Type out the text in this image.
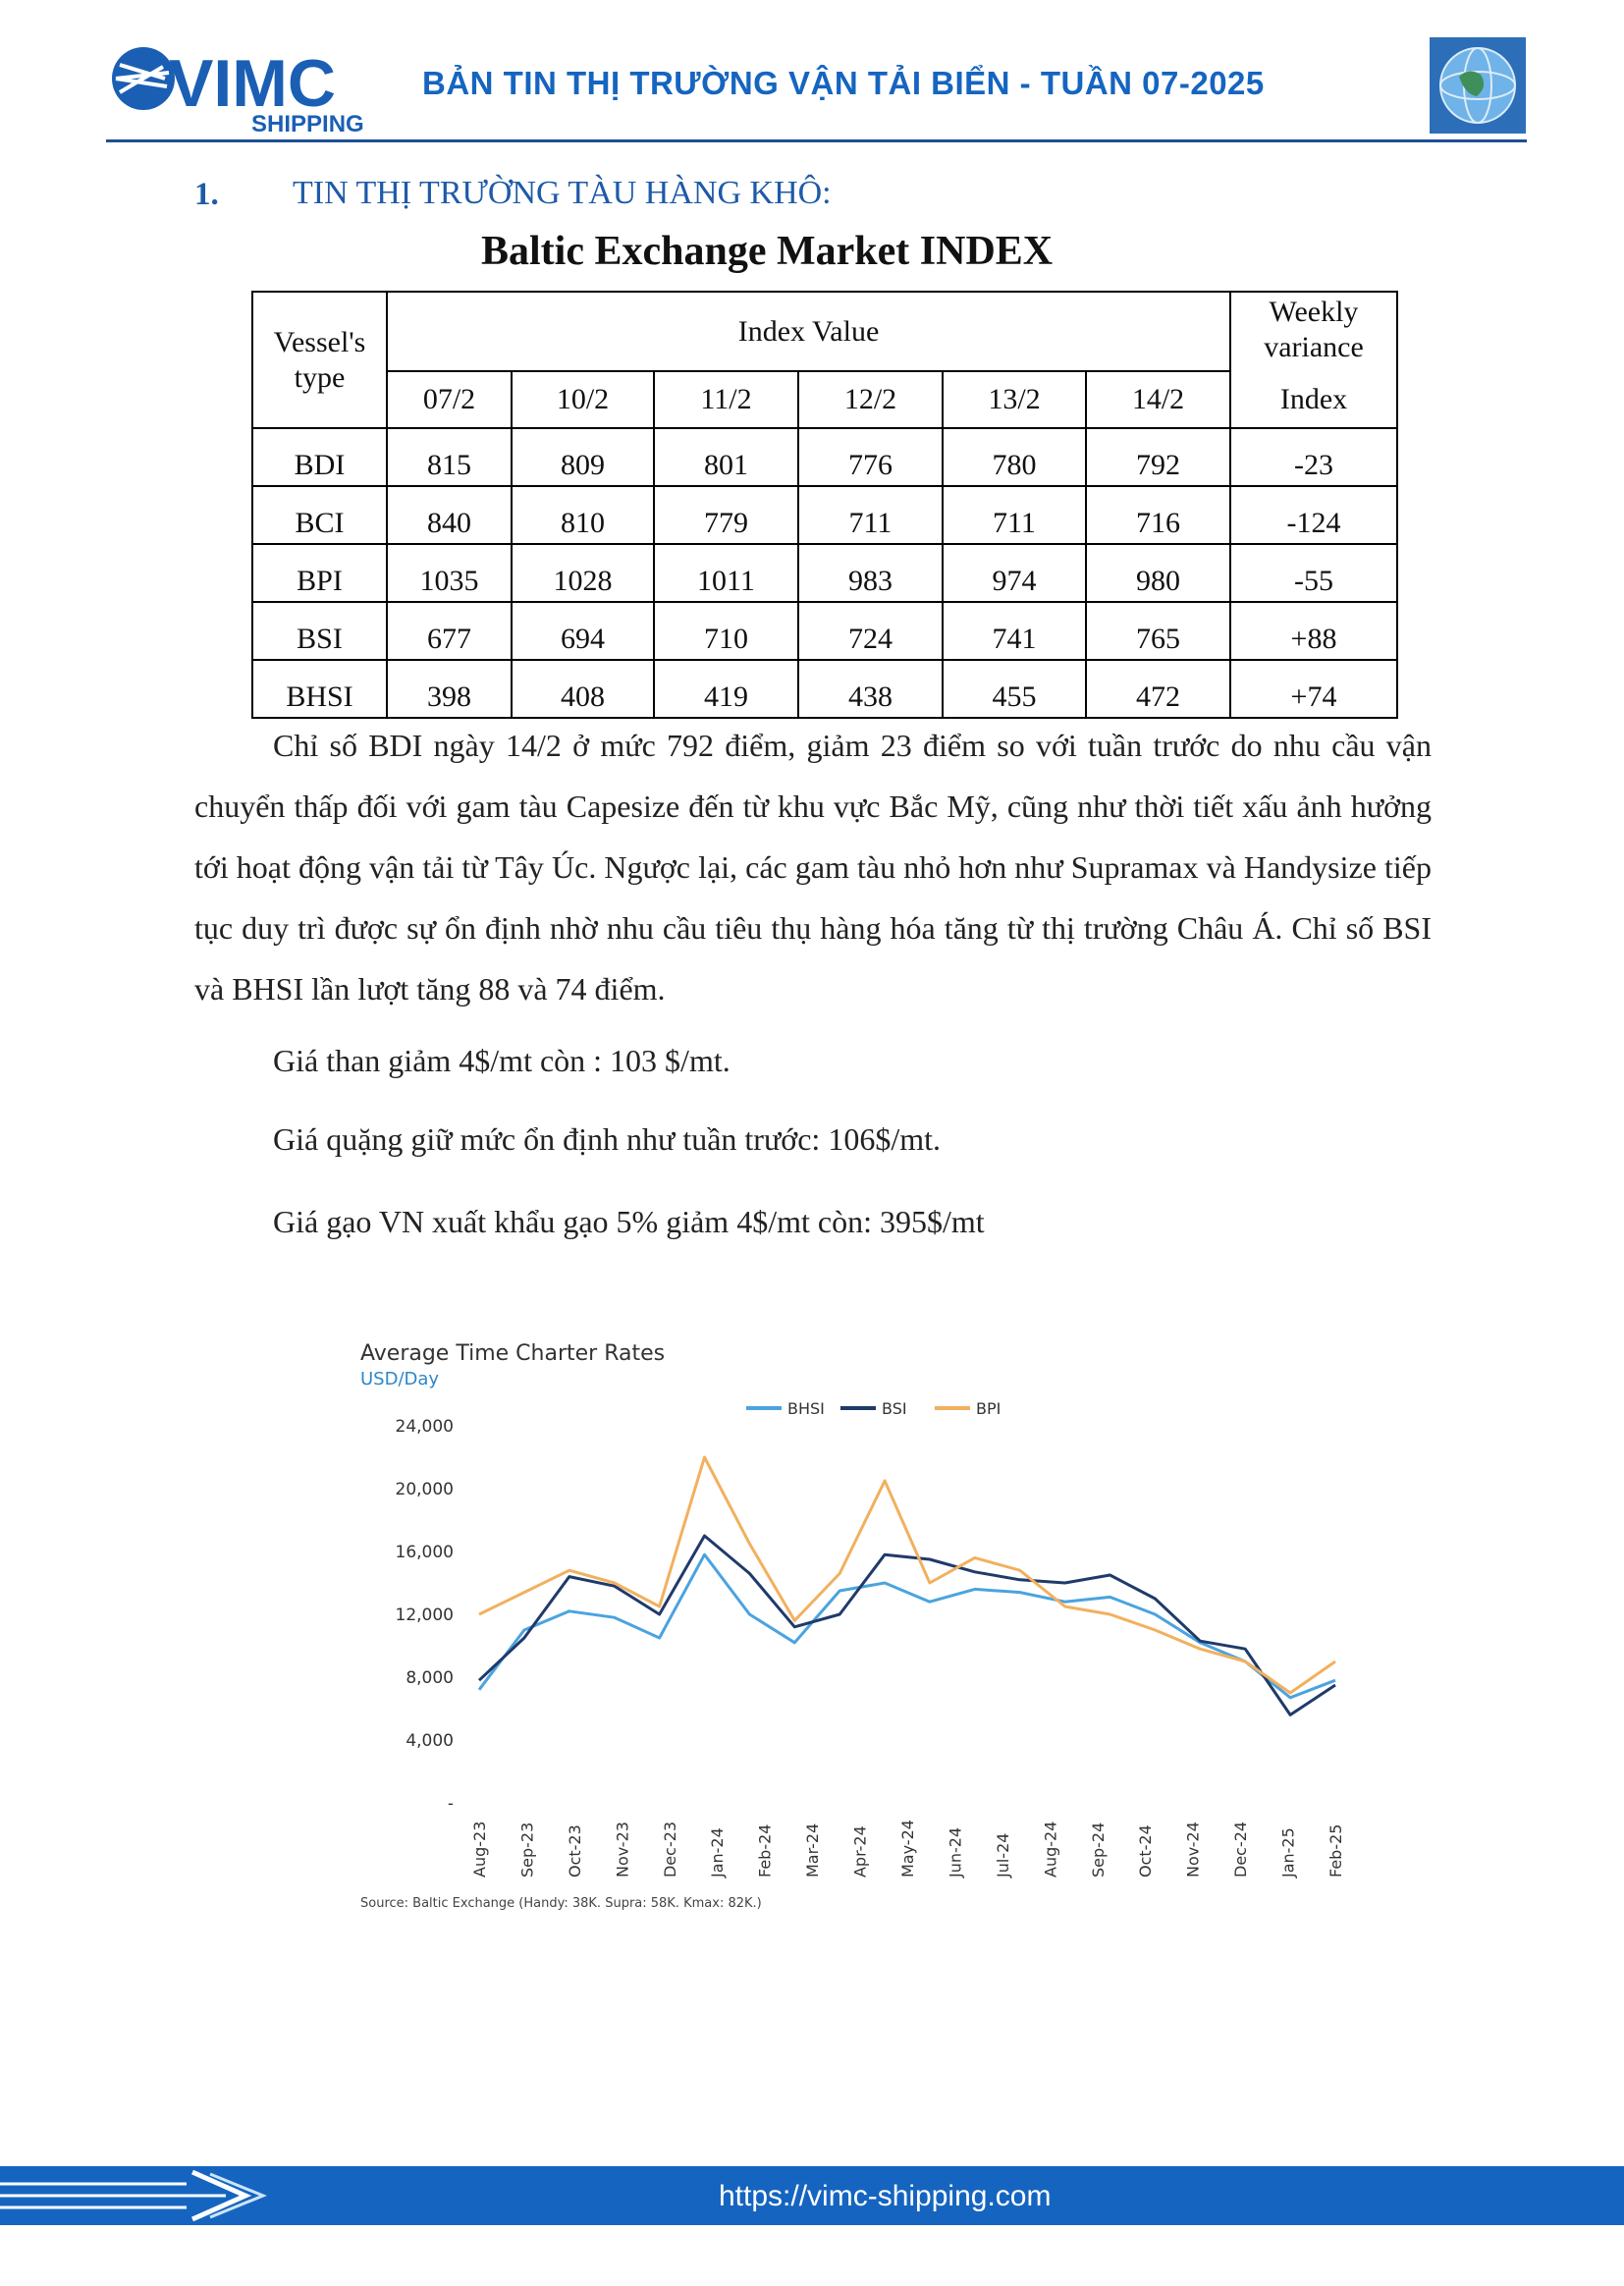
VIMC
SHIPPING
BẢN TIN THỊ TRƯỜNG VẬN TẢI BIỂN - TUẦN 07-2025
1. TIN THỊ TRƯỜNG TÀU HÀNG KHÔ:
Baltic Exchange Market INDEX
Vessel's type	Index Value						Weekly variance
	07/2	10/2	11/2	12/2	13/2	14/2	Index
BDI	815	809	801	776	780	792	-23
BCI	840	810	779	711	711	716	-124
BPI	1035	1028	1011	983	974	980	-55
BSI	677	694	710	724	741	765	+88
BHSI	398	408	419	438	455	472	+74

Chỉ số BDI ngày 14/2 ở mức 792 điểm, giảm 23 điểm so với tuần trước do nhu cầu vận chuyển thấp đối với gam tàu Capesize đến từ khu vực Bắc Mỹ, cũng như thời tiết xấu ảnh hưởng tới hoạt động vận tải từ Tây Úc. Ngược lại, các gam tàu nhỏ hơn như Supramax và Handysize tiếp tục duy trì được sự ổn định nhờ nhu cầu tiêu thụ hàng hóa tăng từ thị trường Châu Á. Chỉ số BSI và BHSI lần lượt tăng 88 và 74 điểm.

Giá than giảm 4$/mt còn : 103 $/mt.
Giá quặng giữ mức ổn định như tuần trước: 106$/mt.
Giá gạo VN xuất khẩu gạo 5% giảm 4$/mt còn: 395$/mt
Average Time Charter Rates
USD/Day
24,000
20,000
16,000
12,000
8,000
4,000
-
Aug-23 Sep-23 Oct-23 Nov-23 Dec-23 Jan-24 Feb-24 Mar-24 Apr-24 May-24 Jun-24 Jul-24 Aug-24 Sep-24 Oct-24 Nov-24 Dec-24 Jan-25 Feb-25
BHSI	BSI	BPI
Source: Baltic Exchange (Handy: 38K. Supra: 58K. Kmax: 82K.)
https://vimc-shipping.com
